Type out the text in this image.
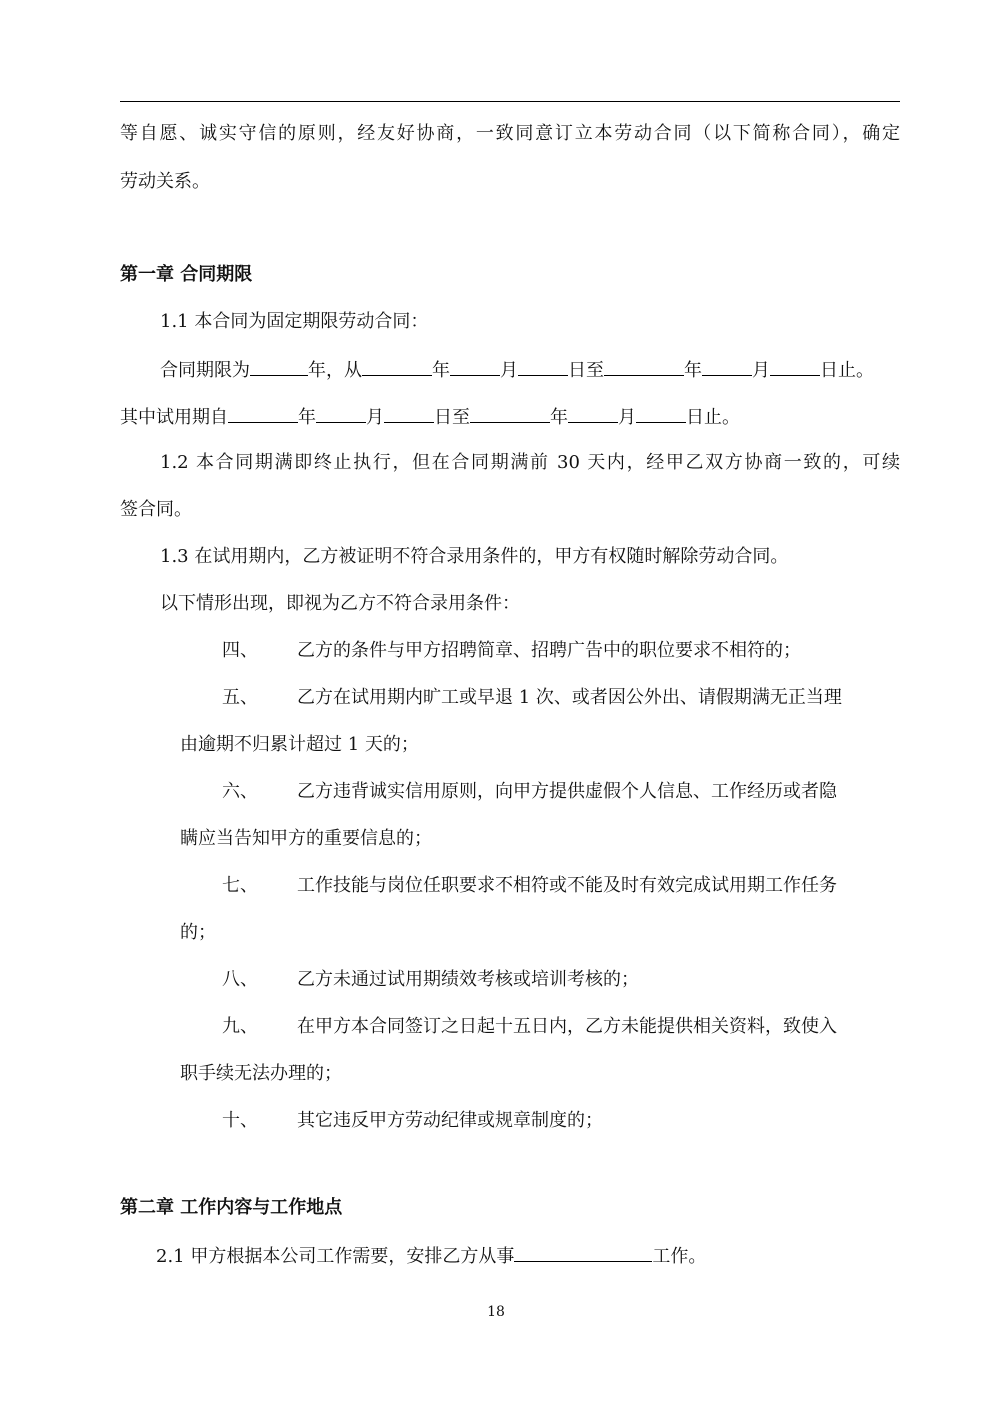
等自愿、诚实守信的原则，经友好协商，一致同意订立本劳动合同（以下简称合同），确定
劳动关系。
第一章 合同期限
1.1 本合同为固定期限劳动合同：
合同期限为	年，从	年	月	日至	年	月	日止。
其中试用期自	年	月	日至	年	月	日止。
1.2 本合同期满即终止执行，但在合同期满前 30 天内，经甲乙双方协商一致的，可续
签合同。
1.3 在试用期内，乙方被证明不符合录用条件的，甲方有权随时解除劳动合同。
以下情形出现，即视为乙方不符合录用条件：
四、 乙方的条件与甲方招聘简章、招聘广告中的职位要求不相符的；
五、 乙方在试用期内旷工或早退 1 次、或者因公外出、请假期满无正当理
由逾期不归累计超过 1 天的；
六、 乙方违背诚实信用原则，向甲方提供虚假个人信息、工作经历或者隐
瞒应当告知甲方的重要信息的；
七、 工作技能与岗位任职要求不相符或不能及时有效完成试用期工作任务
的；
八、 乙方未通过试用期绩效考核或培训考核的；
九、 在甲方本合同签订之日起十五日内，乙方未能提供相关资料，致使入
职手续无法办理的；
十、 其它违反甲方劳动纪律或规章制度的；
第二章 工作内容与工作地点
2.1 甲方根据本公司工作需要，安排乙方从事	工作。
18
